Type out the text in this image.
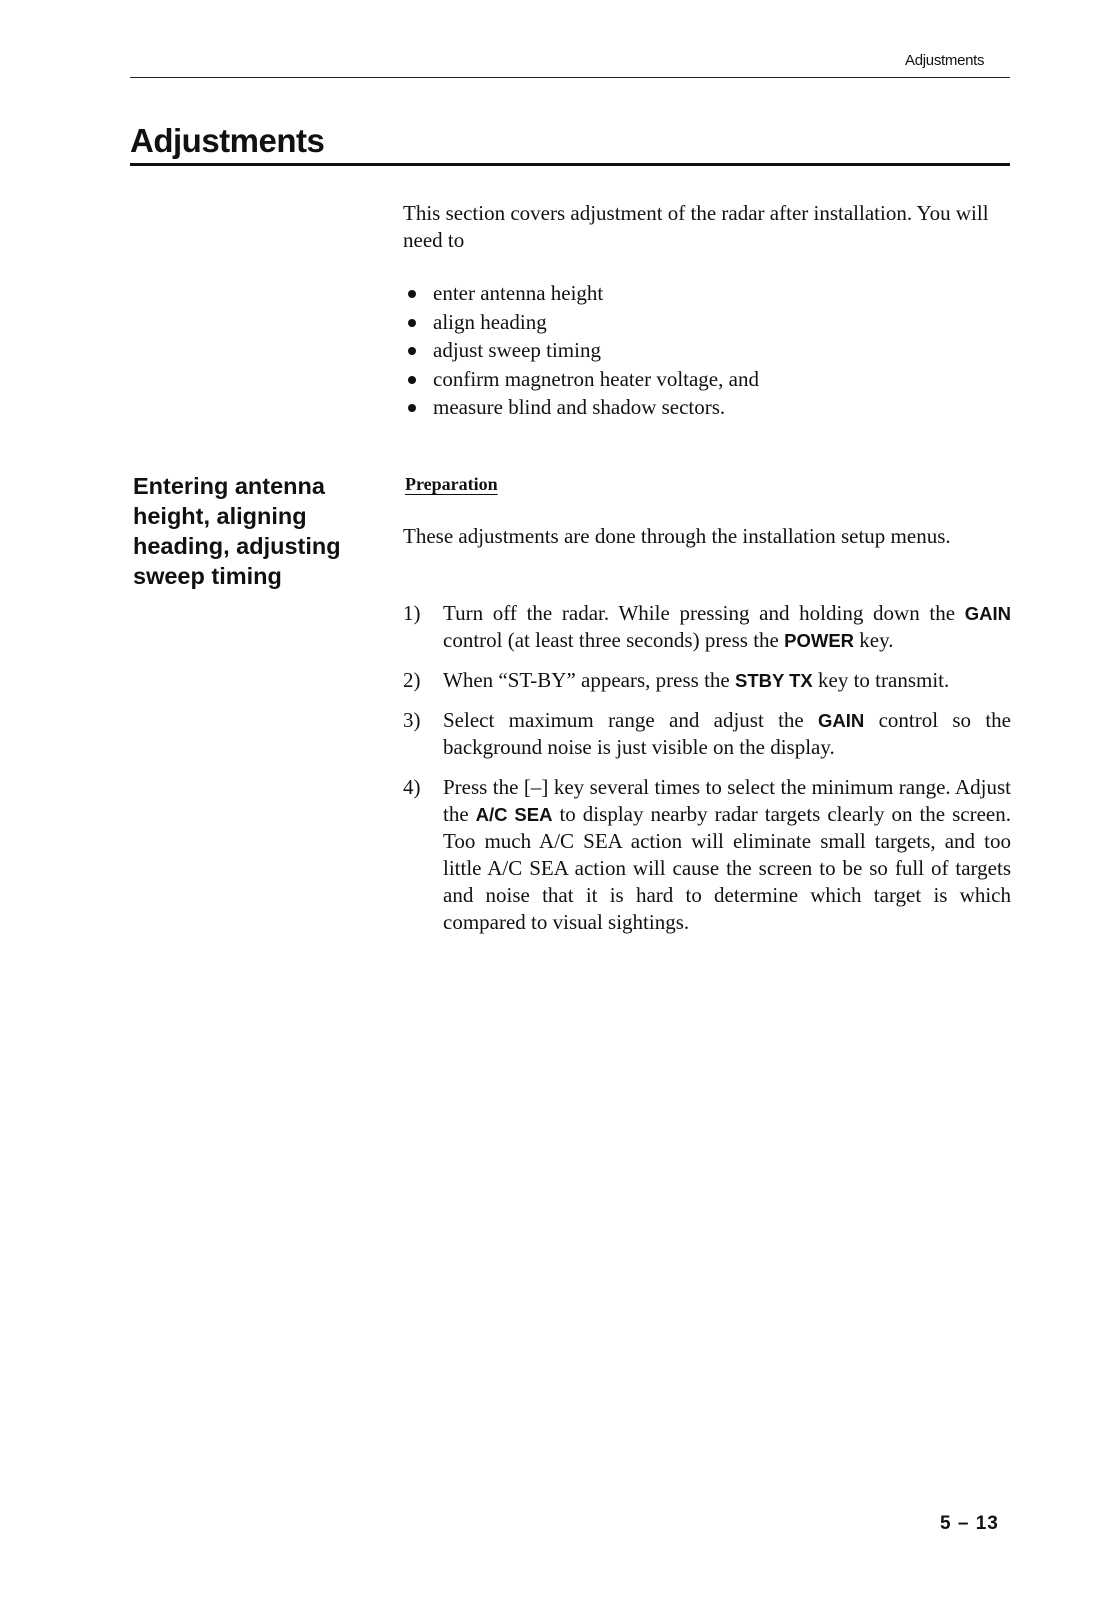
Adjustments
Adjustments

This section covers adjustment of the radar after installation. You will need to

enter antenna height
align heading
adjust sweep timing
confirm magnetron heater voltage, and
measure blind and shadow sectors.
Entering antenna height, aligning heading, adjusting sweep timing
Preparation

These adjustments are done through the installation setup menus.

1) Turn off the radar. While pressing and holding down the GAIN control (at least three seconds) press the POWER key.
2) When “ST-BY” appears, press the STBY TX key to transmit.
3) Select maximum range and adjust the GAIN control so the background noise is just visible on the display.
4) Press the [–] key several times to select the minimum range. Adjust the A/C SEA to display nearby radar targets clearly on the screen. Too much A/C SEA action will eliminate small targets, and too little A/C SEA action will cause the screen to be so full of targets and noise that it is hard to determine which target is which compared to visual sightings.
5 – 13
